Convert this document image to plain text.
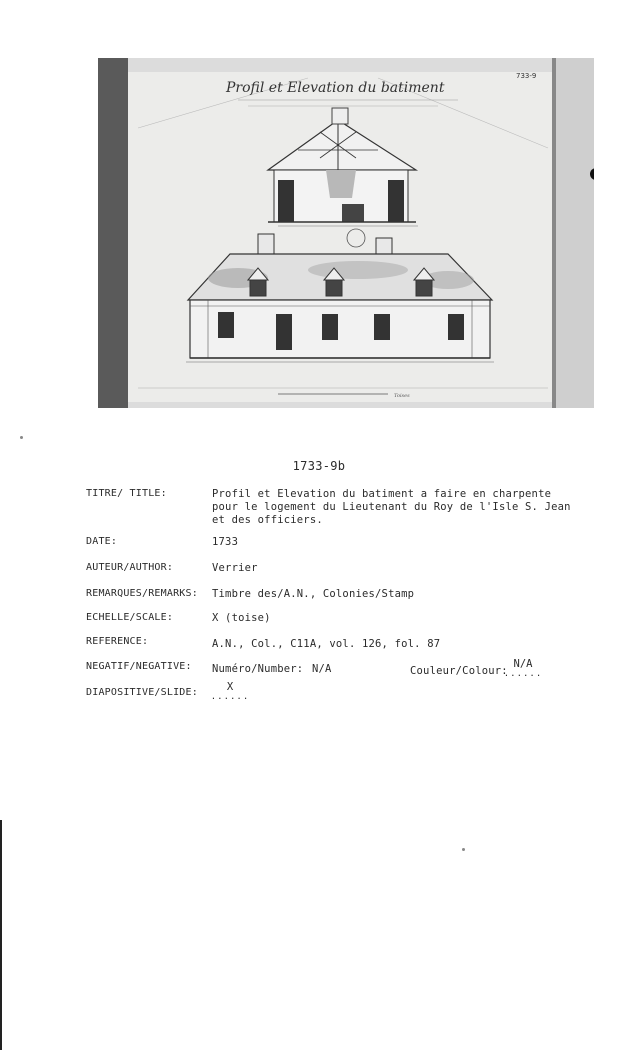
Profil et Elevation du batiment
733-9
Toises
1733-9b
TITRE/ TITLE:	Profil et Elevation du batiment a faire en charpente
pour le logement du Lieutenant du Roy de l'Isle S. Jean
et des officiers.
DATE:	1733
AUTEUR/AUTHOR:	Verrier
REMARQUES/REMARKS: Timbre des/A.N., Colonies/Stamp
ECHELLE/SCALE:	X (toise)
REFERENCE:	A.N., Col., C11A, vol. 126, fol. 87
NEGATIF/NEGATIVE: Numéro/Number: N/A	Couleur/Colour:
N/A
......
DIAPOSITIVE/SLIDE:	X
......
